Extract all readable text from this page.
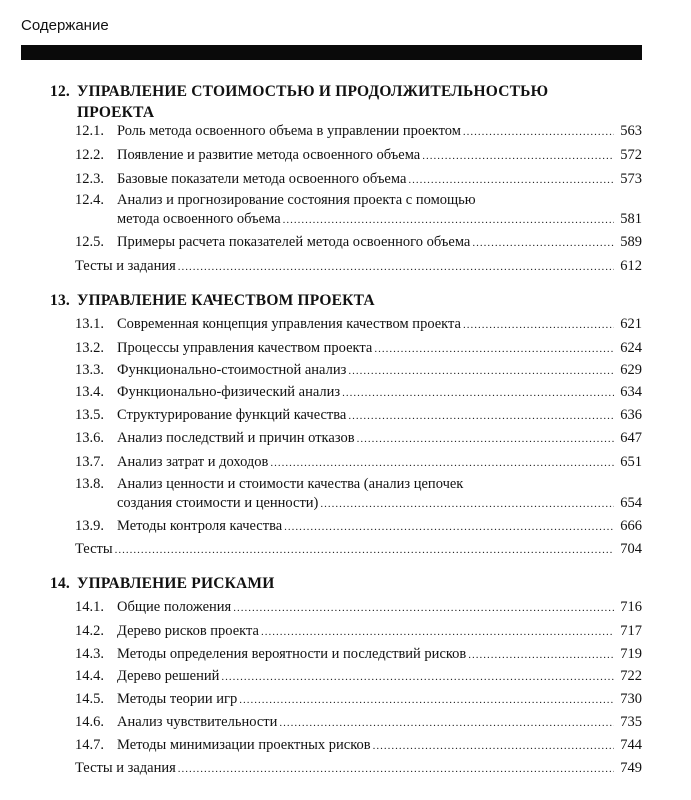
Содержание
12. УПРАВЛЕНИЕ СТОИМОСТЬЮ И ПРОДОЛЖИТЕЛЬНОСТЬЮ
ПРОЕКТА
12.1. Роль метода освоенного объема в управлении проектом .....	563
12.2. Появление и развитие метода освоенного объема .....	572
12.3. Базовые показатели метода освоенного объема .....	573
12.4. Анализ и прогнозирование состояния проекта с помощью
метода освоенного объема .....	581
12.5. Примеры расчета показателей метода освоенного объема .....	589
Тесты и задания .....	612
13. УПРАВЛЕНИЕ КАЧЕСТВОМ ПРОЕКТА
13.1. Современная концепция управления качеством проекта .....	621
13.2. Процессы управления качеством проекта .....	624
13.3. Функционально-стоимостной анализ .....	629
13.4. Функционально-физический анализ .....	634
13.5. Структурирование функций качества .....	636
13.6. Анализ последствий и причин отказов .....	647
13.7. Анализ затрат и доходов .....	651
13.8. Анализ ценности и стоимости качества (анализ цепочек
создания стоимости и ценности) .....	654
13.9. Методы контроля качества .....	666
Тесты .....	704
14. УПРАВЛЕНИЕ РИСКАМИ
14.1. Общие положения .....	716
14.2. Дерево рисков проекта .....	717
14.3. Методы определения вероятности и последствий рисков .....	719
14.4. Дерево решений .....	722
14.5. Методы теории игр .....	730
14.6. Анализ чувствительности .....	735
14.7. Методы минимизации проектных рисков .....	744
Тесты и задания .....	749
